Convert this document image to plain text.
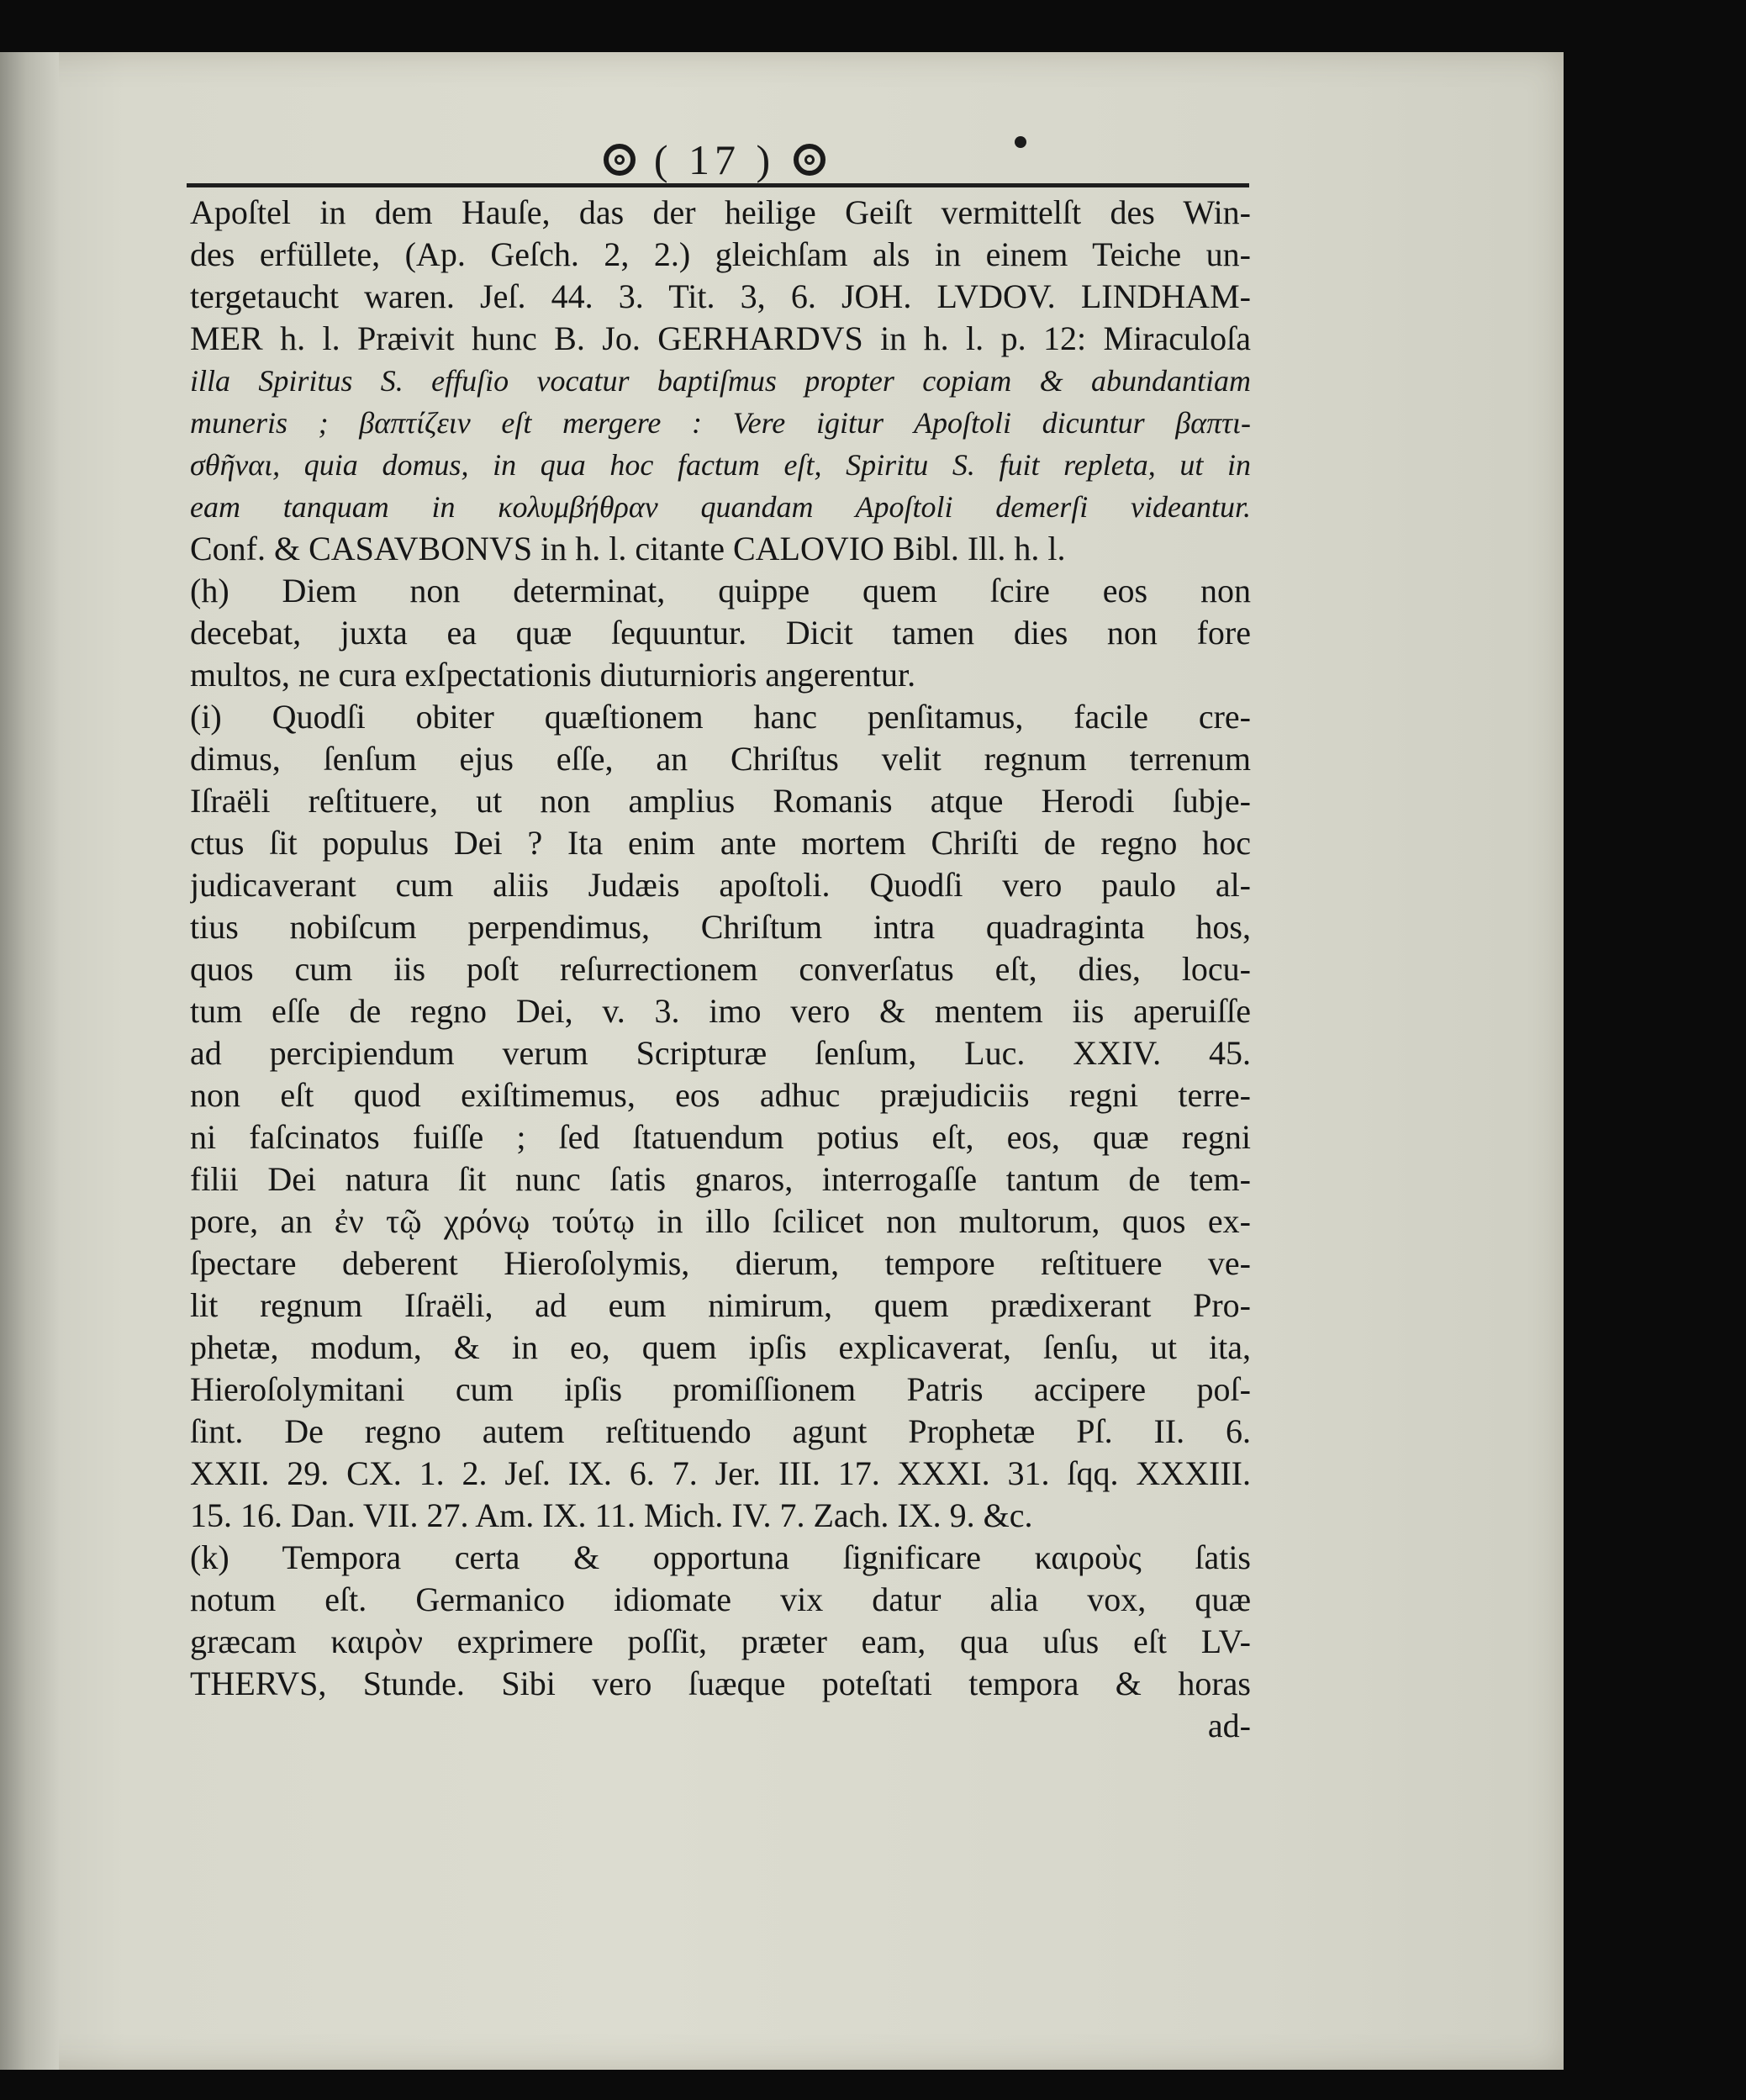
( 17 )
Apoſtel in dem Hauſe, das der heilige Geiſt vermittelſt des Win-
des erfüllete, (Ap. Geſch. 2, 2.) gleichſam als in einem Teiche un-
tergetaucht waren. Jeſ. 44. 3. Tit. 3, 6. JOH. LVDOV. LINDHAM-
MER h. l. Præivit hunc B. Jo. GERHARDVS in h. l. p. 12: Miraculoſa
illa Spiritus S. effuſio vocatur baptiſmus propter copiam & abundantiam
muneris ; βαπτίζειν eſt mergere : Vere igitur Apoſtoli dicuntur βαπτι-
σθῆναι, quia domus, in qua hoc factum eſt, Spiritu S. fuit repleta, ut in
eam tanquam in κολυμβήθραν quandam Apoſtoli demerſi videantur.
Conf. & CASAVBONVS in h. l. citante CALOVIO Bibl. Ill. h. l.
(h) Diem non determinat, quippe quem ſcire eos non
decebat, juxta ea quæ ſequuntur. Dicit tamen dies non fore
multos, ne cura exſpectationis diuturnioris angerentur.
(i) Quodſi obiter quæſtionem hanc penſitamus, facile cre-
dimus, ſenſum ejus eſſe, an Chriſtus velit regnum terrenum
Iſraëli reſtituere, ut non amplius Romanis atque Herodi ſubje-
ctus ſit populus Dei ? Ita enim ante mortem Chriſti de regno hoc
judicaverant cum aliis Judæis apoſtoli. Quodſi vero paulo al-
tius nobiſcum perpendimus, Chriſtum intra quadraginta hos,
quos cum iis poſt reſurrectionem converſatus eſt, dies, locu-
tum eſſe de regno Dei, v. 3. imo vero & mentem iis aperuiſſe
ad percipiendum verum Scripturæ ſenſum, Luc. XXIV. 45.
non eſt quod exiſtimemus, eos adhuc præjudiciis regni terre-
ni faſcinatos fuiſſe ; ſed ſtatuendum potius eſt, eos, quæ regni
filii Dei natura ſit nunc ſatis gnaros, interrogaſſe tantum de tem-
pore, an ἐν τῷ χρόνῳ τούτῳ in illo ſcilicet non multorum, quos ex-
ſpectare deberent Hieroſolymis, dierum, tempore reſtituere ve-
lit regnum Iſraëli, ad eum nimirum, quem prædixerant Pro-
phetæ, modum, & in eo, quem ipſis explicaverat, ſenſu, ut ita,
Hieroſolymitani cum ipſis promiſſionem Patris accipere poſ-
ſint. De regno autem reſtituendo agunt Prophetæ Pſ. II. 6.
XXII. 29. CX. 1. 2. Jeſ. IX. 6. 7. Jer. III. 17. XXXI. 31. ſqq. XXXIII.
15. 16. Dan. VII. 27. Am. IX. 11. Mich. IV. 7. Zach. IX. 9. &c.
(k) Tempora certa & opportuna ſignificare καιροὺς ſatis
notum eſt. Germanico idiomate vix datur alia vox, quæ
græcam καιρὸν exprimere poſſit, præter eam, qua uſus eſt LV-
THERVS, Stunde. Sibi vero ſuæque poteſtati tempora & horas
ad-
